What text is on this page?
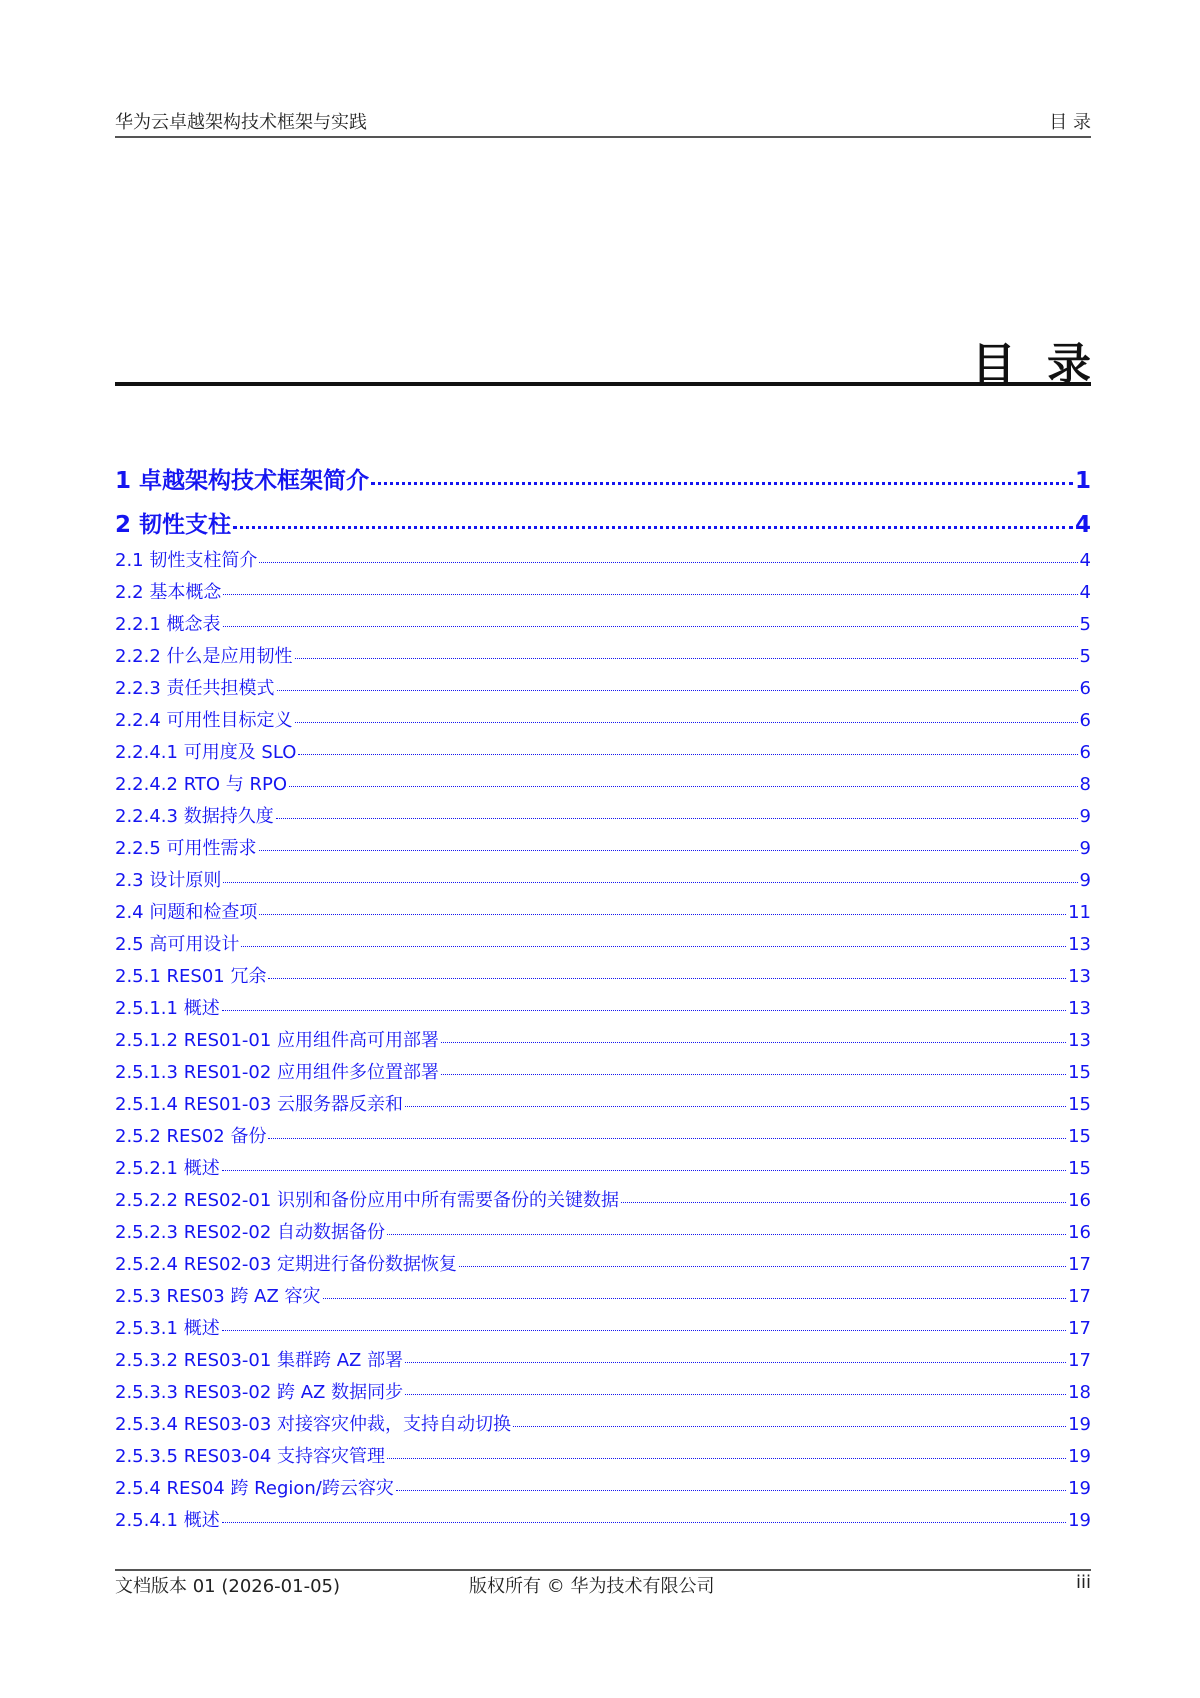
华为云卓越架构技术框架与实践	目 录
目 录
1 卓越架构技术框架简介	1
2 韧性支柱	4
2.1 韧性支柱简介	4
2.2 基本概念	4
2.2.1 概念表	5
2.2.2 什么是应用韧性	5
2.2.3 责任共担模式	6
2.2.4 可用性目标定义	6
2.2.4.1 可用度及 SLO	6
2.2.4.2 RTO 与 RPO	8
2.2.4.3 数据持久度	9
2.2.5 可用性需求	9
2.3 设计原则	9
2.4 问题和检查项	11
2.5 高可用设计	13
2.5.1 RES01 冗余	13
2.5.1.1 概述	13
2.5.1.2 RES01-01 应用组件高可用部署	13
2.5.1.3 RES01-02 应用组件多位置部署	15
2.5.1.4 RES01-03 云服务器反亲和	15
2.5.2 RES02 备份	15
2.5.2.1 概述	15
2.5.2.2 RES02-01 识别和备份应用中所有需要备份的关键数据	16
2.5.2.3 RES02-02 自动数据备份	16
2.5.2.4 RES02-03 定期进行备份数据恢复	17
2.5.3 RES03 跨 AZ 容灾	17
2.5.3.1 概述	17
2.5.3.2 RES03-01 集群跨 AZ 部署	17
2.5.3.3 RES03-02 跨 AZ 数据同步	18
2.5.3.4 RES03-03 对接容灾仲裁，支持自动切换	19
2.5.3.5 RES03-04 支持容灾管理	19
2.5.4 RES04 跨 Region/跨云容灾	19
2.5.4.1 概述	19
文档版本 01 (2026-01-05)	版权所有 © 华为技术有限公司	iii
